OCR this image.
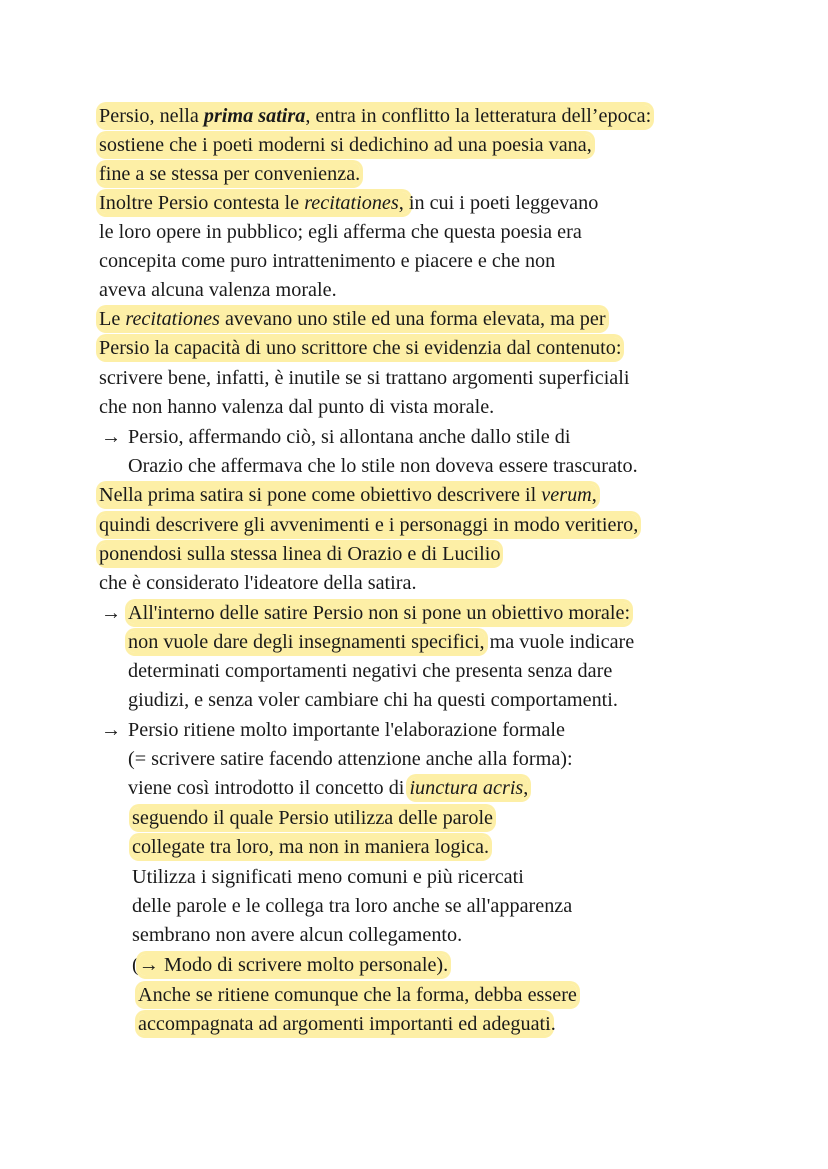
Persio, nella prima satira, entra in conflitto la letteratura dell’epoca:
sostiene che i poeti moderni si dedichino ad una poesia vana,
fine a se stessa per convenienza.
Inoltre Persio contesta le recitationes, in cui i poeti leggevano
le loro opere in pubblico; egli afferma che questa poesia era
concepita come puro intrattenimento e piacere e che non
aveva alcuna valenza morale.
Le recitationes avevano uno stile ed una forma elevata, ma per
Persio la capacità di uno scrittore che si evidenzia dal contenuto:
scrivere bene, infatti, è inutile se si trattano argomenti superficiali
che non hanno valenza dal punto di vista morale.
→ Persio, affermando ciò, si allontana anche dallo stile di
Orazio che affermava che lo stile non doveva essere trascurato.
Nella prima satira si pone come obiettivo descrivere il verum,
quindi descrivere gli avvenimenti e i personaggi in modo veritiero,
ponendosi sulla stessa linea di Orazio e di Lucilio
che è considerato l'ideatore della satira.
→ All'interno delle satire Persio non si pone un obiettivo morale:
non vuole dare degli insegnamenti specifici, ma vuole indicare
determinati comportamenti negativi che presenta senza dare
giudizi, e senza voler cambiare chi ha questi comportamenti.
→ Persio ritiene molto importante l'elaborazione formale
(= scrivere satire facendo attenzione anche alla forma):
viene così introdotto il concetto di iunctura acris,
seguendo il quale Persio utilizza delle parole
collegate tra loro, ma non in maniera logica.
Utilizza i significati meno comuni e più ricercati
delle parole e le collega tra loro anche se all'apparenza
sembrano non avere alcun collegamento.
(→ Modo di scrivere molto personale).
Anche se ritiene comunque che la forma, debba essere
accompagnata ad argomenti importanti ed adeguati.
